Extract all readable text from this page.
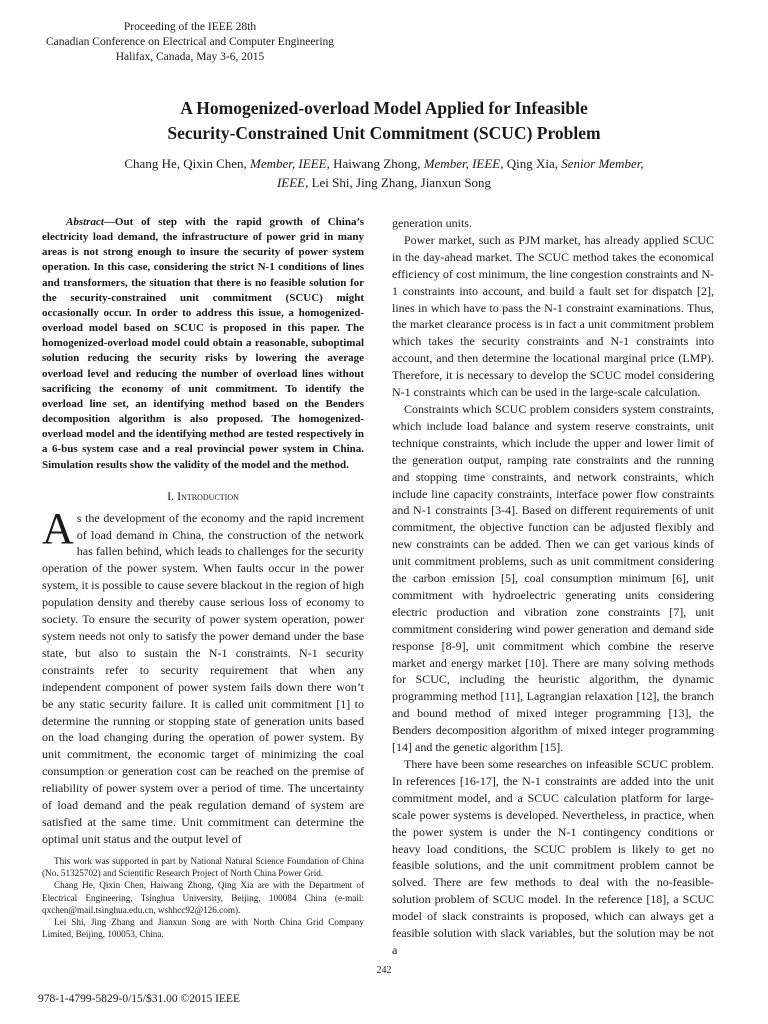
Proceeding of the IEEE 28th
Canadian Conference on Electrical and Computer Engineering
Halifax, Canada, May 3-6, 2015
A Homogenized-overload Model Applied for Infeasible
Security-Constrained Unit Commitment (SCUC) Problem
Chang He, Qixin Chen, Member, IEEE, Haiwang Zhong, Member, IEEE, Qing Xia, Senior Member,
IEEE, Lei Shi, Jing Zhang, Jianxun Song

Abstract—Out of step with the rapid growth of China’s electricity load demand, the infrastructure of power grid in many areas is not strong enough to insure the security of power system operation. In this case, considering the strict N-1 conditions of lines and transformers, the situation that there is no feasible solution for the security-constrained unit commitment (SCUC) might occasionally occur. In order to address this issue, a homogenized-overload model based on SCUC is proposed in this paper. The homogenized-overload model could obtain a reasonable, suboptimal solution reducing the security risks by lowering the average overload level and reducing the number of overload lines without sacrificing the economy of unit commitment. To identify the overload line set, an identifying method based on the Benders decomposition algorithm is also proposed. The homogenized-overload model and the identifying method are tested respectively in a 6-bus system case and a real provincial power system in China. Simulation results show the validity of the model and the method.

I. Introduction

As the development of the economy and the rapid increment of load demand in China, the construction of the network has fallen behind, which leads to challenges for the security operation of the power system. When faults occur in the power system, it is possible to cause severe blackout in the region of high population density and thereby cause serious loss of economy to society. To ensure the security of power system operation, power system needs not only to satisfy the power demand under the base state, but also to sustain the N-1 constraints. N-1 security constraints refer to security requirement that when any independent component of power system fails down there won’t be any static security failure. It is called unit commitment [1] to determine the running or stopping state of generation units based on the load changing during the operation of power system. By unit commitment, the economic target of minimizing the coal consumption or generation cost can be reached on the premise of reliability of power system over a period of time. The uncertainty of load demand and the peak regulation demand of system are satisfied at the same time. Unit commitment can determine the optimal unit status and the output level of

This work was supported in part by National Natural Science Foundation of China (No. 51325702) and Scientific Research Project of North China Power Grid.

Chang He, Qixin Chen, Haiwang Zhong, Qing Xia are with the Department of Electrical Engineering, Tsinghua University, Beijing, 100084 China (e-mail: qxchen@mail.tsinghua.edu.cn, wshhcc92@126.com).

Lei Shi, Jing Zhang and Jianxun Song are with North China Grid Company Limited, Beijing, 100053, China.

generation units.

Power market, such as PJM market, has already applied SCUC in the day-ahead market. The SCUC method takes the economical efficiency of cost minimum, the line congestion constraints and N-1 constraints into account, and build a fault set for dispatch [2], lines in which have to pass the N-1 constraint examinations. Thus, the market clearance process is in fact a unit commitment problem which takes the security constraints and N-1 constraints into account, and then determine the locational marginal price (LMP). Therefore, it is necessary to develop the SCUC model considering N-1 constraints which can be used in the large-scale calculation.

Constraints which SCUC problem considers system constraints, which include load balance and system reserve constraints, unit technique constraints, which include the upper and lower limit of the generation output, ramping rate constraints and the running and stopping time constraints, and network constraints, which include line capacity constraints, interface power flow constraints and N-1 constraints [3-4]. Based on different requirements of unit commitment, the objective function can be adjusted flexibly and new constraints can be added. Then we can get various kinds of unit commitment problems, such as unit commitment considering the carbon emission [5], coal consumption minimum [6], unit commitment with hydroelectric generating units considering electric production and vibration zone constraints [7], unit commitment considering wind power generation and demand side response [8-9], unit commitment which combine the reserve market and energy market [10]. There are many solving methods for SCUC, including the heuristic algorithm, the dynamic programming method [11], Lagrangian relaxation [12], the branch and bound method of mixed integer programming [13], the Benders decomposition algorithm of mixed integer programming [14] and the genetic algorithm [15].

There have been some researches on infeasible SCUC problem. In references [16-17], the N-1 constraints are added into the unit commitment model, and a SCUC calculation platform for large-scale power systems is developed. Nevertheless, in practice, when the power system is under the N-1 contingency conditions or heavy load conditions, the SCUC problem is likely to get no feasible solutions, and the unit commitment problem cannot be solved. There are few methods to deal with the no-feasible-solution problem of SCUC model. In the reference [18], a SCUC model of slack constraints is proposed, which can always get a feasible solution with slack variables, but the solution may be not a

242
978-1-4799-5829-0/15/$31.00 ©2015 IEEE
